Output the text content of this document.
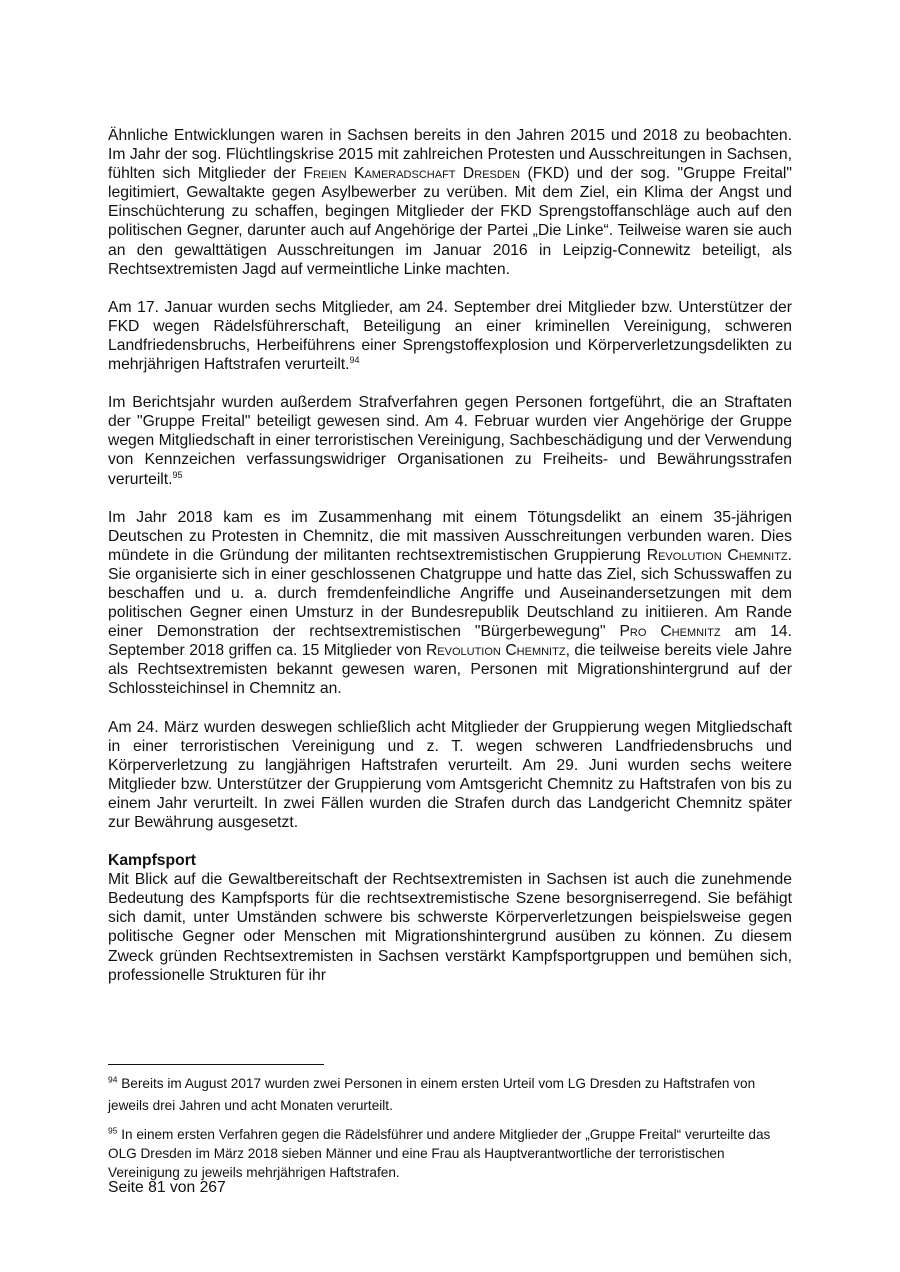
Ähnliche Entwicklungen waren in Sachsen bereits in den Jahren 2015 und 2018 zu beobachten. Im Jahr der sog. Flüchtlingskrise 2015 mit zahlreichen Protesten und Ausschreitungen in Sachsen, fühlten sich Mitglieder der Freien Kameradschaft Dresden (FKD) und der sog. "Gruppe Freital" legitimiert, Gewaltakte gegen Asylbewerber zu verüben. Mit dem Ziel, ein Klima der Angst und Einschüchterung zu schaffen, begingen Mitglieder der FKD Sprengstoffanschläge auch auf den politischen Gegner, darunter auch auf Angehörige der Partei „Die Linke“. Teilweise waren sie auch an den gewalttätigen Ausschreitungen im Januar 2016 in Leipzig-Connewitz beteiligt, als Rechtsextremisten Jagd auf vermeintliche Linke machten.

Am 17. Januar wurden sechs Mitglieder, am 24. September drei Mitglieder bzw. Unterstützer der FKD wegen Rädelsführerschaft, Beteiligung an einer kriminellen Vereinigung, schweren Landfriedensbruchs, Herbeiführens einer Sprengstoffexplosion und Körperverletzungsdelikten zu mehrjährigen Haftstrafen verurteilt.$^{94}$

Im Berichtsjahr wurden außerdem Strafverfahren gegen Personen fortgeführt, die an Straftaten der "Gruppe Freital" beteiligt gewesen sind. Am 4. Februar wurden vier Angehörige der Gruppe wegen Mitgliedschaft in einer terroristischen Vereinigung, Sachbeschädigung und der Verwendung von Kennzeichen verfassungswidriger Organisationen zu Freiheits- und Bewährungsstrafen verurteilt.$^{95}$

Im Jahr 2018 kam es im Zusammenhang mit einem Tötungsdelikt an einem 35-jährigen Deutschen zu Protesten in Chemnitz, die mit massiven Ausschreitungen verbunden waren. Dies mündete in die Gründung der militanten rechtsextremistischen Gruppierung Revolution Chemnitz. Sie organisierte sich in einer geschlossenen Chatgruppe und hatte das Ziel, sich Schusswaffen zu beschaffen und u. a. durch fremdenfeindliche Angriffe und Auseinandersetzungen mit dem politischen Gegner einen Umsturz in der Bundesrepublik Deutschland zu initiieren. Am Rande einer Demonstration der rechtsextremistischen "Bürgerbewegung" Pro Chemnitz am 14. September 2018 griffen ca. 15 Mitglieder von Revolution Chemnitz, die teilweise bereits viele Jahre als Rechtsextremisten bekannt gewesen waren, Personen mit Migrationshintergrund auf der Schlossteichinsel in Chemnitz an.

Am 24. März wurden deswegen schließlich acht Mitglieder der Gruppierung wegen Mitgliedschaft in einer terroristischen Vereinigung und z. T. wegen schweren Landfriedensbruchs und Körperverletzung zu langjährigen Haftstrafen verurteilt. Am 29. Juni wurden sechs weitere Mitglieder bzw. Unterstützer der Gruppierung vom Amtsgericht Chemnitz zu Haftstrafen von bis zu einem Jahr verurteilt. In zwei Fällen wurden die Strafen durch das Landgericht Chemnitz später zur Bewährung ausgesetzt.

Kampfsport

Mit Blick auf die Gewaltbereitschaft der Rechtsextremisten in Sachsen ist auch die zunehmende Bedeutung des Kampfsports für die rechtsextremistische Szene besorgniserregend. Sie befähigt sich damit, unter Umständen schwere bis schwerste Körperverletzungen beispielsweise gegen politische Gegner oder Menschen mit Migrationshintergrund ausüben zu können. Zu diesem Zweck gründen Rechtsextremisten in Sachsen verstärkt Kampfsportgruppen und bemühen sich, professionelle Strukturen für ihr

$^{94}$ Bereits im August 2017 wurden zwei Personen in einem ersten Urteil vom LG Dresden zu Haftstrafen von jeweils drei Jahren und acht Monaten verurteilt.

$^{95}$ In einem ersten Verfahren gegen die Rädelsführer und andere Mitglieder der „Gruppe Freital“ verurteilte das OLG Dresden im März 2018 sieben Männer und eine Frau als Hauptverantwortliche der terroristischen Vereinigung zu jeweils mehrjährigen Haftstrafen.

Seite 81 von 267
